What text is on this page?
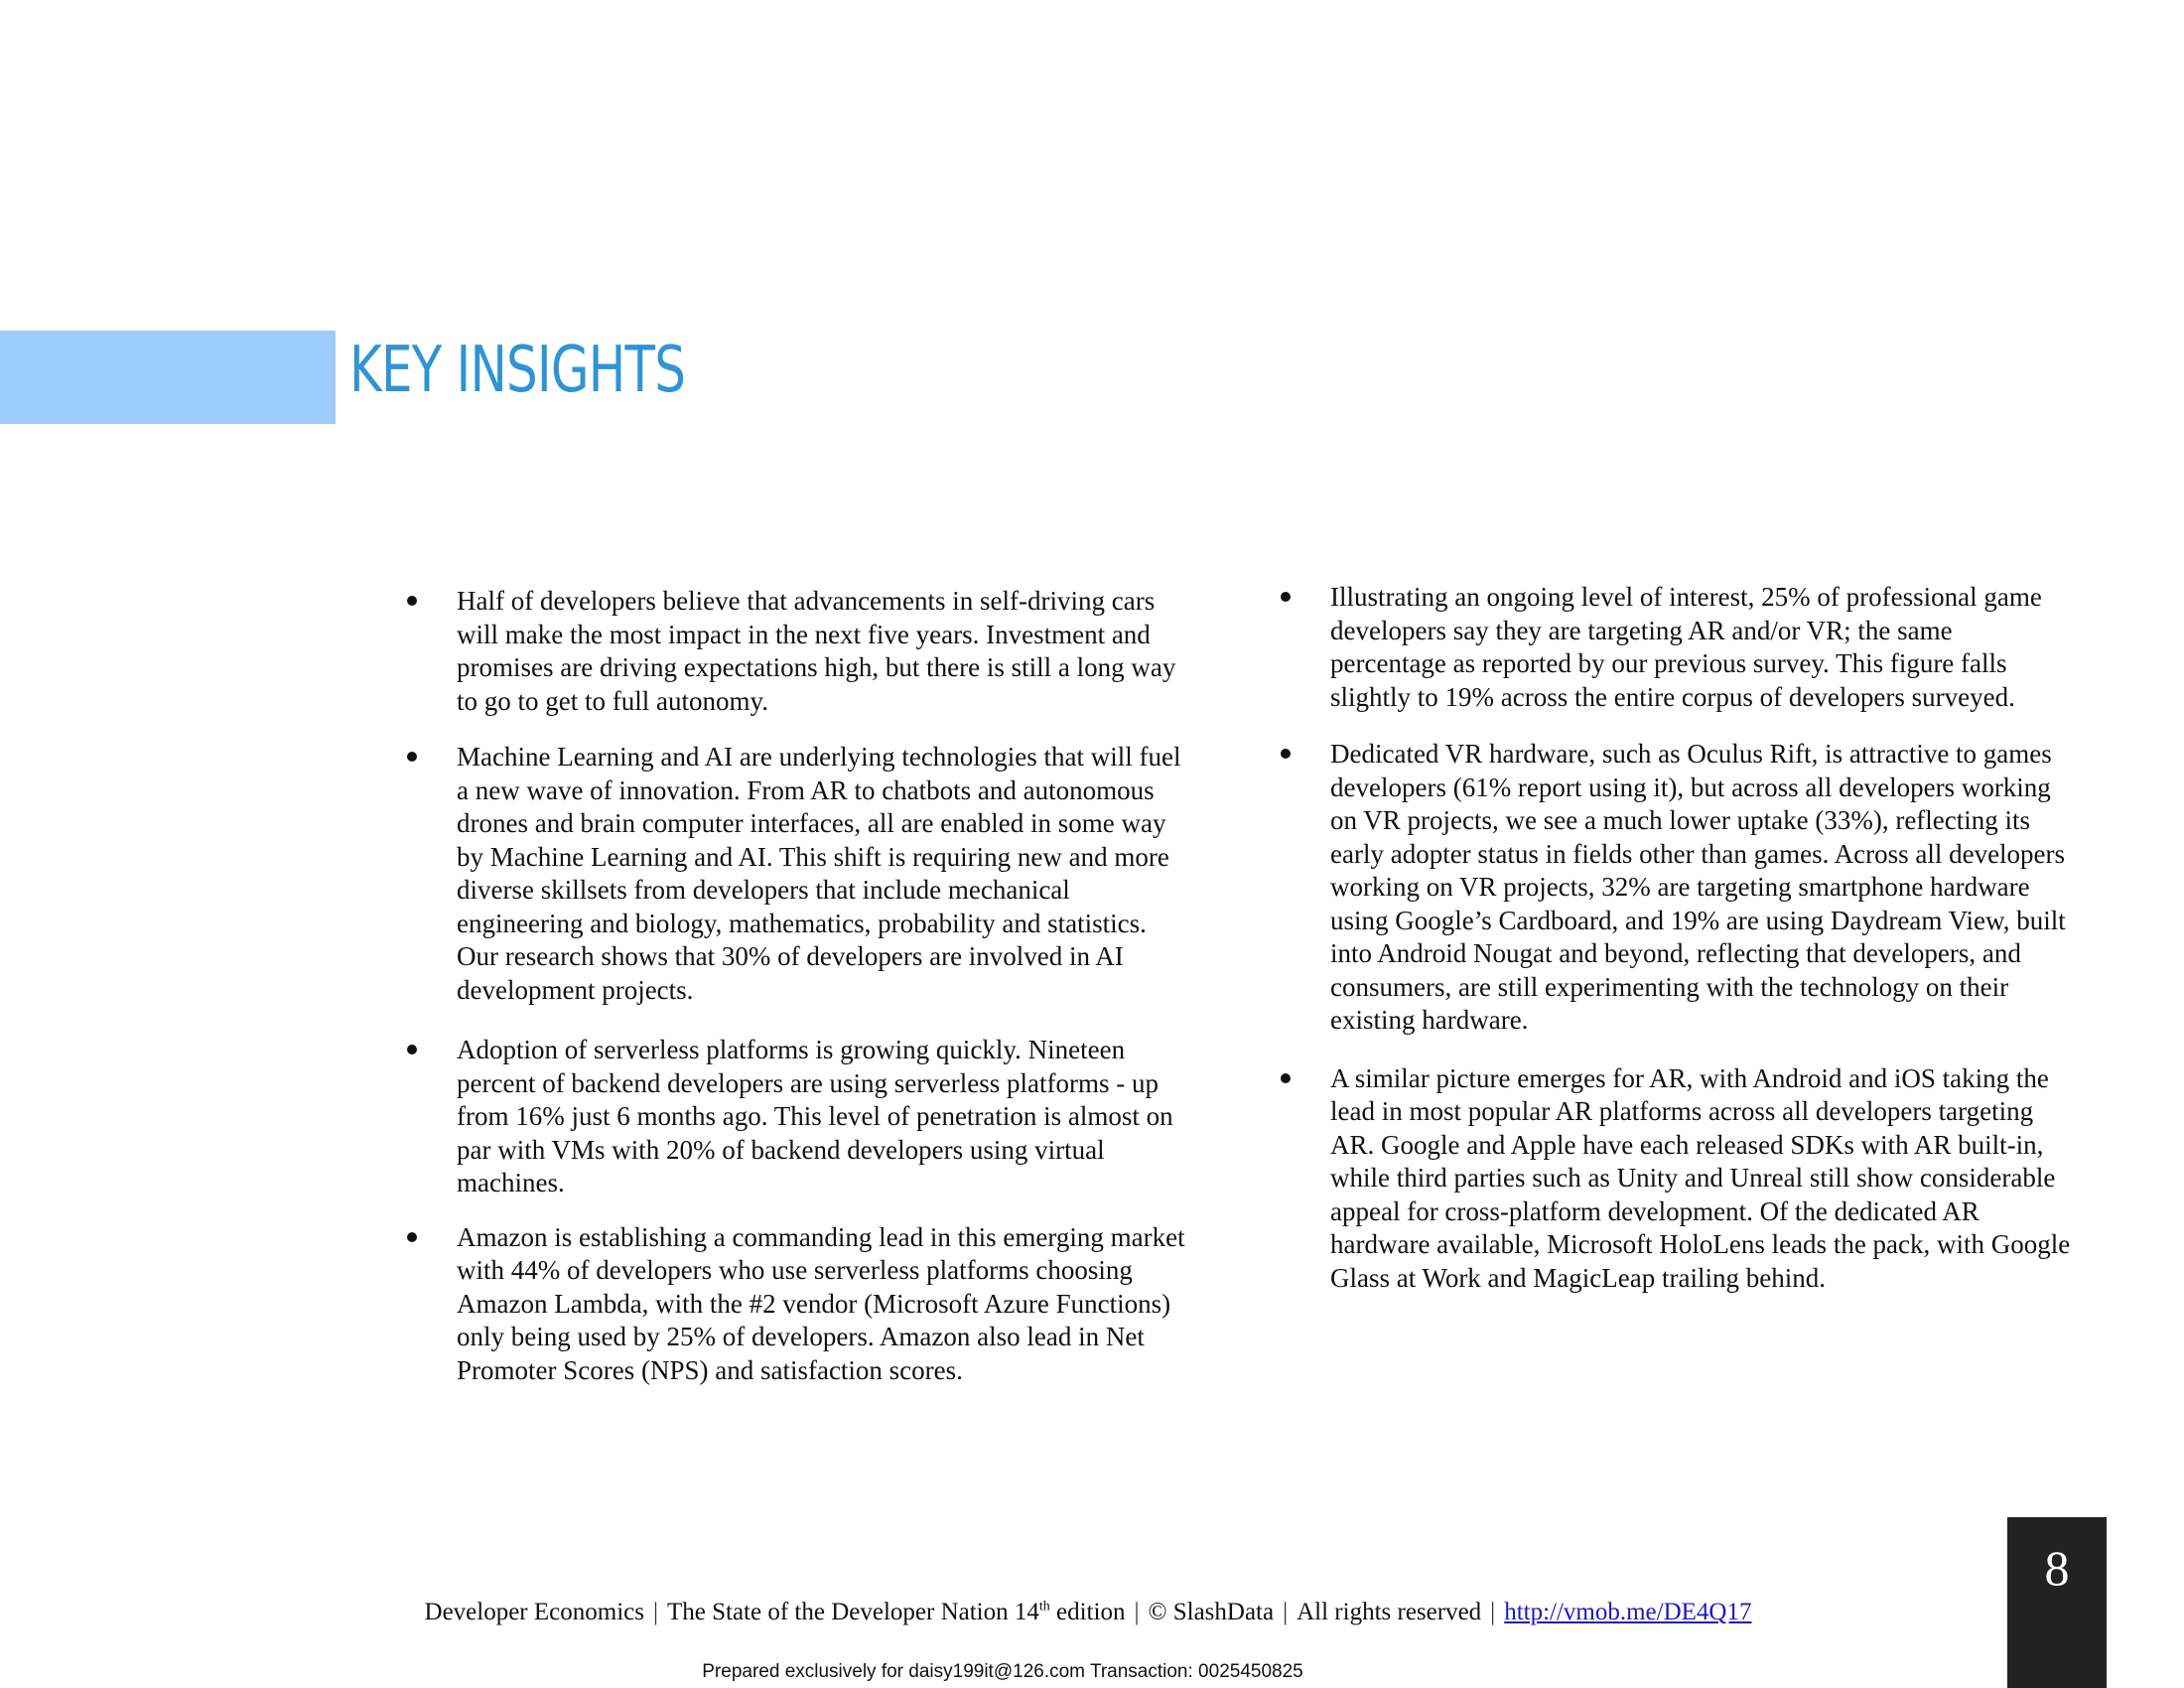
KEY INSIGHTS
Half of developers believe that advancements in self-driving cars will make the most impact in the next five years. Investment and promises are driving expectations high, but there is still a long way to go to get to full autonomy.
Machine Learning and AI are underlying technologies that will fuel a new wave of innovation. From AR to chatbots and autonomous drones and brain computer interfaces, all are enabled in some way by Machine Learning and AI. This shift is requiring new and more diverse skillsets from developers that include mechanical engineering and biology, mathematics, probability and statistics. Our research shows that 30% of developers are involved in AI development projects.
Adoption of serverless platforms is growing quickly. Nineteen percent of backend developers are using serverless platforms - up from 16% just 6 months ago. This level of penetration is almost on par with VMs with 20% of backend developers using virtual machines.
Amazon is establishing a commanding lead in this emerging market with 44% of developers who use serverless platforms choosing Amazon Lambda, with the #2 vendor (Microsoft Azure Functions) only being used by 25% of developers. Amazon also lead in Net Promoter Scores (NPS) and satisfaction scores.
Illustrating an ongoing level of interest, 25% of professional game developers say they are targeting AR and/or VR; the same percentage as reported by our previous survey. This figure falls slightly to 19% across the entire corpus of developers surveyed.
Dedicated VR hardware, such as Oculus Rift, is attractive to games developers (61% report using it), but across all developers working on VR projects, we see a much lower uptake (33%), reflecting its early adopter status in fields other than games. Across all developers working on VR projects, 32% are targeting smartphone hardware using Google’s Cardboard, and 19% are using Daydream View, built into Android Nougat and beyond, reflecting that developers, and consumers, are still experimenting with the technology on their existing hardware.
A similar picture emerges for AR, with Android and iOS taking the lead in most popular AR platforms across all developers targeting AR. Google and Apple have each released SDKs with AR built-in, while third parties such as Unity and Unreal still show considerable appeal for cross-platform development. Of the dedicated AR hardware available, Microsoft HoloLens leads the pack, with Google Glass at Work and MagicLeap trailing behind.
Developer Economics | The State of the Developer Nation 14th edition | © SlashData | All rights reserved | http://vmob.me/DE4Q17
Prepared exclusively for daisy199it@126.com Transaction: 0025450825
8
